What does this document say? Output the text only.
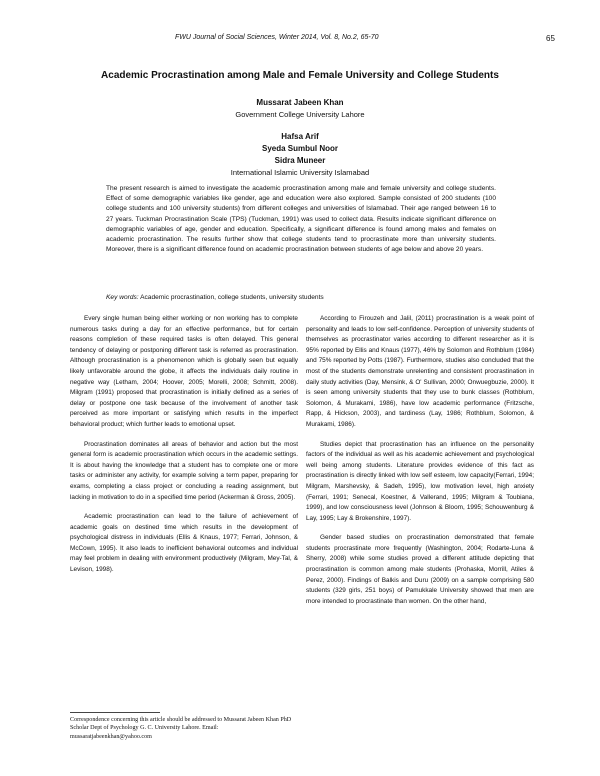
FWU Journal of Social Sciences, Winter 2014, Vol. 8, No.2, 65-70	65
Academic Procrastination among Male and Female University and College Students
Mussarat Jabeen Khan
Government College University Lahore
Hafsa Arif
Syeda Sumbul Noor
Sidra Muneer
International Islamic University Islamabad
The present research is aimed to investigate the academic procrastination among male and female university and college students. Effect of some demographic variables like gender, age and education were also explored. Sample consisted of 200 students (100 college students and 100 university students) from different colleges and universities of Islamabad. Their age ranged between 16 to 27 years. Tuckman Procrastination Scale (TPS) (Tuckman, 1991) was used to collect data. Results indicate significant difference on demographic variables of age, gender and education. Specifically, a significant difference is found among males and females on academic procrastination. The results further show that college students tend to procrastinate more than university students. Moreover, there is a significant difference found on academic procrastination between students of age below and above 20 years.
Key words: Academic procrastination, college students, university students

Every single human being either working or non working has to complete numerous tasks during a day for an effective performance, but for certain reasons completion of these required tasks is often delayed. This general tendency of delaying or postponing different task is referred as procrastination. Although procrastination is a phenomenon which is globally seen but equally likely unfavorable around the globe, it affects the individuals daily routine in negative way (Letham, 2004; Hoover, 2005; Morelli, 2008; Schmitt, 2008). Milgram (1991) proposed that procrastination is initially defined as a series of delay or postpone one task because of the involvement of another task perceived as more important or satisfying which results in the imperfect behavioral product; which further leads to emotional upset.

Procrastination dominates all areas of behavior and action but the most general form is academic procrastination which occurs in the academic settings. It is about having the knowledge that a student has to complete one or more tasks or administer any activity, for example solving a term paper, preparing for exams, completing a class project or concluding a reading assignment, but lacking in motivation to do in a specified time period (Ackerman & Gross, 2005).

Academic procrastination can lead to the failure of achievement of academic goals on destined time which results in the development of psychological distress in individuals (Ellis & Knaus, 1977; Ferrari, Johnson, & McCown, 1995). It also leads to inefficient behavioral outcomes and individual may feel problem in dealing with environment productively (Milgram, Mey-Tal, & Levison, 1998).

According to Firouzeh and Jalil, (2011) procrastination is a weak point of personality and leads to low self-confidence. Perception of university students of themselves as procrastinator varies according to different researcher as it is 95% reported by Ellis and Knaus (1977), 46% by Solomon and Rothblum (1984) and 75% reported by Potts (1987). Furthermore, studies also concluded that the most of the students demonstrate unrelenting and consistent procrastination in daily study activities (Day, Mensink, & O' Sullivan, 2000; Onwuegbuzie, 2000). It is seen among university students that they use to bunk classes (Rothblum, Solomon, & Murakami, 1986), have low academic performance (Fritzsche, Rapp, & Hickson, 2003), and tardiness (Lay, 1986; Rothblum, Solomon, & Murakami, 1986).

Studies depict that procrastination has an influence on the personality factors of the individual as well as his academic achievement and psychological well being among students. Literature provides evidence of this fact as procrastination is directly linked with low self esteem, low capacity(Ferrari, 1994; Milgram, Marshevsky, & Sadeh, 1995), low motivation level, high anxiety (Ferrari, 1991; Senecal, Koestner, & Vallerand, 1995; Milgram & Toubiana, 1999), and low consciousness level (Johnson & Bloom, 1995; Schouwenburg & Lay, 1995; Lay & Brokenshire, 1997).

Gender based studies on procrastination demonstrated that female students procrastinate more frequently (Washington, 2004; Rodarte-Luna & Sherry, 2008) while some studies proved a different attitude depicting that procrastination is common among male students (Prohaska, Morrill, Atiles & Perez, 2000). Findings of Balkis and Duru (2009) on a sample comprising 580 students (329 girls, 251 boys) of Pamukkale University showed that men are more intended to procrastinate than women. On the other hand,

Correspondence concerning this article should be addressed to Mussarat Jabeen Khan PhD Scholar Dept of Psychology G. C. University Lahore. Email: mussaratjabeenkhan@yahoo.com
